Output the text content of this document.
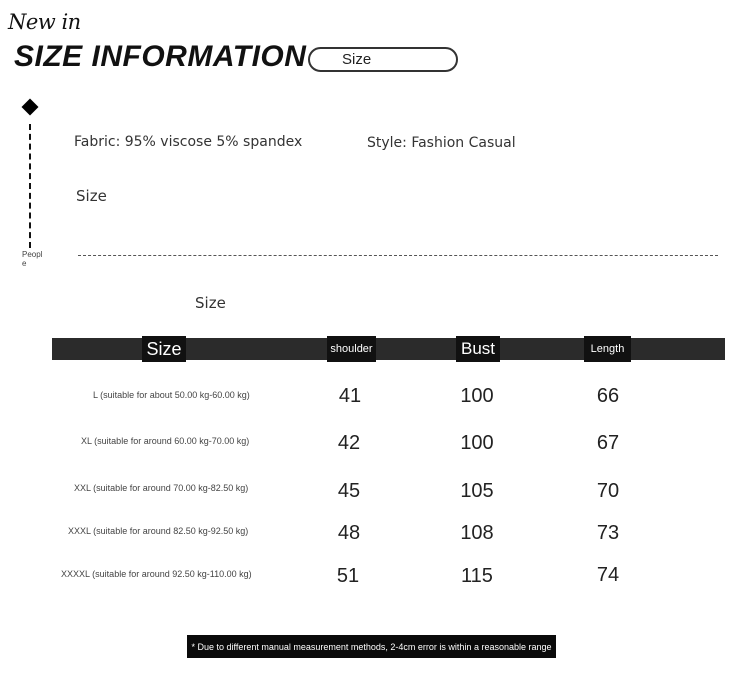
New in
SIZE INFORMATION Size
People
Fabric: 95% viscose 5% spandex	Style: Fashion Casual
Size
Size
Size	shoulder	Bust	Length
L (suitable for about 50.00 kg-60.00 kg)	41	100	66
XL (suitable for around 60.00 kg-70.00 kg)	42	100	67
XXL (suitable for around 70.00 kg-82.50 kg)	45	105	70
XXXL (suitable for around 82.50 kg-92.50 kg)	48	108	73
XXXXL (suitable for around 92.50 kg-110.00 kg)	51	115	74
* Due to different manual measurement methods, 2-4cm error is within a reasonable range
